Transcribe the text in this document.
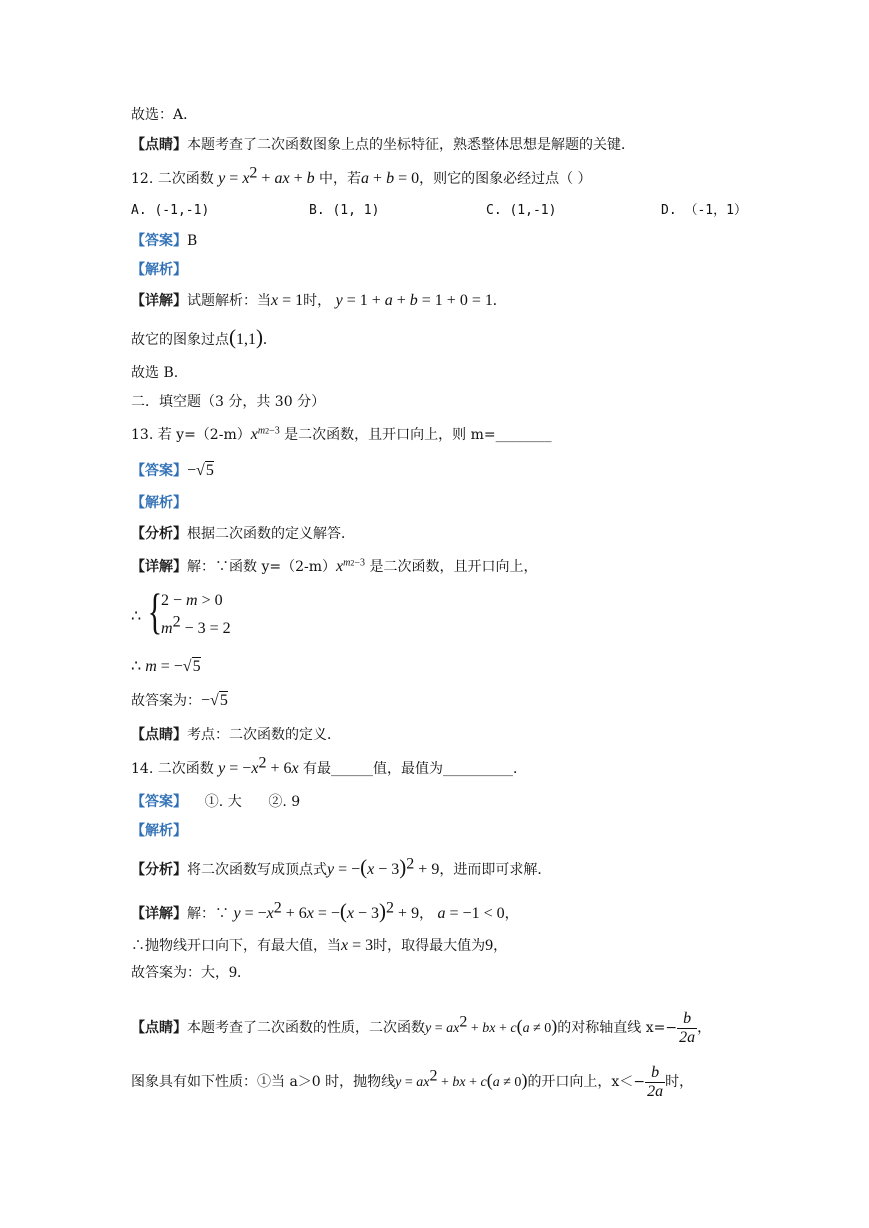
故选：A．
【点睛】本题考查了二次函数图象上点的坐标特征，熟悉整体思想是解题的关键．
12. 二次函数 $y = x^2$ + ax + b 中，若a + b = 0，则它的图象必经过点（ ）
A. (-1,-1)	B. (1, 1)	C. (1,-1)	D. （-1，1）
【答案】B
【解析】
【详解】试题解析：当x = 1时， y = 1 + a + b = 1 + 0 = 1.
故它的图象过点(1,1).
故选 B.
二．填空题（3 分，共 30 分）
13. 若 $y=(2-m)x^{m2-3}$ 是二次函数，且开口向上，则 m=________
【答案】−√5
【解析】
【分析】根据二次函数的定义解答．
【详解】解：∵函数 $y=(2-m)x^{m2-3}$ 是二次函数，且开口向上，
∴ {
2 − m > 0
$m^2 - 3 = 2$
∴ m = −√5
故答案为：−√5
【点睛】考点：二次函数的定义．
14. 二次函数 $y = -x^2 + 6x$ 有最______值，最值为__________．
【答案】    ①. 大      ②. 9
【解析】
【分析】将二次函数写成顶点式$y = -(x - 3)^2 + 9$，进而即可求解．
【详解】解：∵ $y = -x^2 + 6x = -(x - 3)^2 + 9$， a = −1 < 0，
∴抛物线开口向下，有最大值，当x = 3时，取得最大值为9，
故答案为：大，9．
【点睛】本题考查了二次函数的性质，二次函数$y = ax^2$ + bx + c(a ≠ 0)的对称轴直线 $x=- \frac{b}{2a}$ ，
图象具有如下性质：①当 a＞0 时，抛物线$y = ax^2$ + bx + c(a ≠ 0)的开口向上，$x<- \frac{b}{2a}$ 时，
